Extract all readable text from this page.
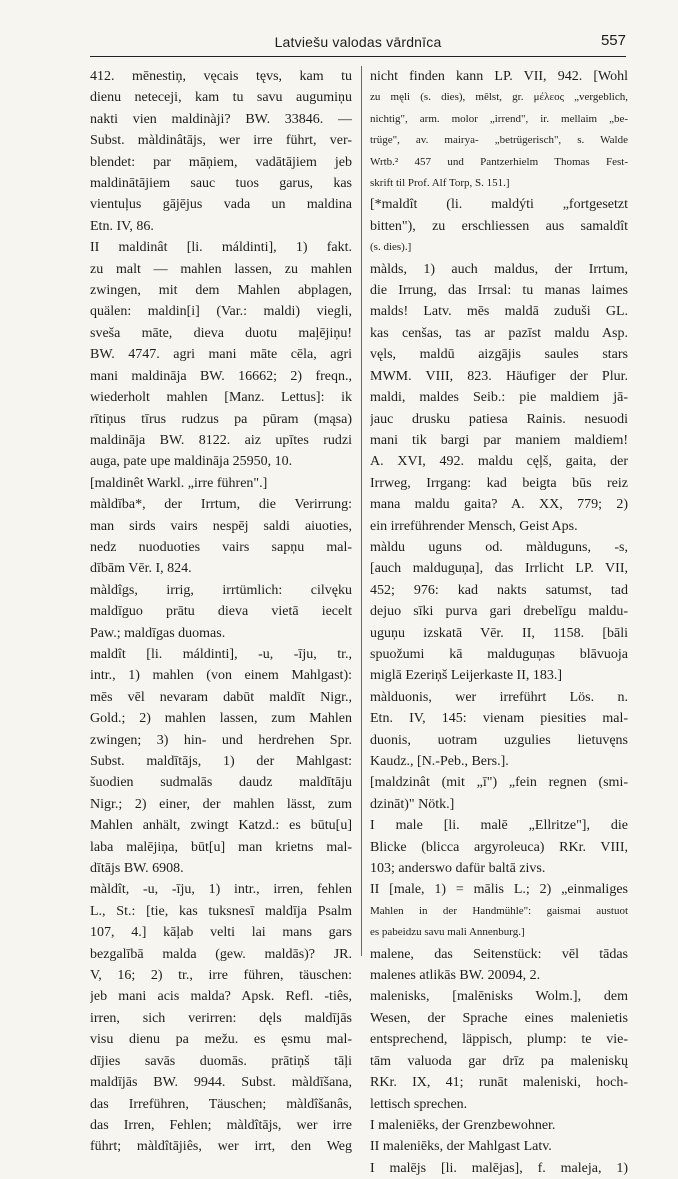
Latviešu valodas vārdnīca	557
412. mēnestiņ, vęcais tęvs, kam tu
dienu neteceji, kam tu savu augumiņu
nakti vien maldinàji? BW. 33846. —
Subst. màldinâtājs, wer irre führt, ver-
blendet: par māņiem, vadātājiem jeb
maldinātājiem sauc tuos garus, kas
vientuļus gājējus vada un maldina
Etn. IV, 86.
II maldinât [li. máldinti], 1) fakt.
zu malt — mahlen lassen, zu mahlen
zwingen, mit dem Mahlen abplagen,
quälen: maldin[i] (Var.: maldi) viegli,
sveša māte, dieva duotu maļējiņu!
BW. 4747. agri mani māte cēla, agri
mani maldināja BW. 16662; 2) freqn.,
wiederholt mahlen [Manz. Lettus]: ik
rītiņus tīrus rudzus pa pūram (mąsa)
maldināja BW. 8122. aiz upītes rudzi
auga, pate upe maldināja 25950, 10.
[maldinêt Warkl. „irre führen".]
màldība*, der Irrtum, die Verirrung:
man sirds vairs nespēj saldi aiuoties,
nedz nuoduoties vairs sapņu mal-
dībām Vēr. I, 824.
màldîgs, irrig, irrtümlich: cilvęku
maldīguo prātu dieva vietā iecelt
Paw.; maldīgas duomas.
maldît [li. máldinti], -u, -īju, tr.,
intr., 1) mahlen (von einem Mahlgast):
mēs vēl nevaram dabūt maldīt Nigr.,
Gold.; 2) mahlen lassen, zum Mahlen
zwingen; 3) hin- und herdrehen Spr.
Subst. maldītājs, 1) der Mahlgast:
šuodien sudmalās daudz maldītāju
Nigr.; 2) einer, der mahlen lässt, zum
Mahlen anhält, zwingt Katzd.: es būtu[u]
laba malējiņa, būt[u] man krietns mal-
dītājs BW. 6908.
màldît, -u, -īju, 1) intr., irren, fehlen
L., St.: [tie, kas tuksnesī maldīja Psalm
107, 4.] kāļab velti lai mans gars
bezgalībā malda (gew. maldās)? JR.
V, 16; 2) tr., irre führen, täuschen:
jeb mani acis malda? Apsk. Refl. -tiês,
irren, sich verirren: dęls maldījās
visu dienu pa mežu. es ęsmu mal-
dījies savās duomās. prātiņš tāļi
maldījās BW. 9944. Subst. màldīšana,
das Irreführen, Täuschen; màldîšanâs,
das Irren, Fehlen; màldîtājs, wer irre
führt; màldîtājiês, wer irrt, den Weg
nicht finden kann LP. VII, 942. [Wohl
zu męli (s. dies), mêlst, gr. μέλεος „vergeblich,
nichtig", arm. molor „irrend", ir. mellaim „be-
trüge", av. mairya- „betrügerisch", s. Walde
Wrtb.² 457 und Pantzerhielm Thomas Fest-
skrift til Prof. Alf Torp, S. 151.]
[*maldît (li. maldýti „fortgesetzt
bitten"), zu erschliessen aus samaldît
(s. dies).]
màlds, 1) auch maldus, der Irrtum,
die Irrung, das Irrsal: tu manas laimes
malds! Latv. mēs maldā zuduši GL.
kas cenšas, tas ar pazīst maldu Asp.
vęls, maldū aizgājis saules stars
MWM. VIII, 823. Häufiger der Plur.
maldi, maldes Seib.: pie maldiem jā-
jauc drusku patiesa Rainis. nesuodi
mani tik bargi par maniem maldiem!
A. XVI, 492. maldu cęļš, gaita, der
Irrweg, Irrgang: kad beigta būs reiz
mana maldu gaita? A. XX, 779; 2)
ein irreführender Mensch, Geist Aps.
màldu uguns od. màlduguns, -s,
[auch malduguņa], das Irrlicht LP. VII,
452; 976: kad nakts satumst, tad
dejuo sīki purva gari drebelīgu maldu-
uguņu izskatā Vēr. II, 1158. [bāli
spuožumi kā malduguņas blāvuoja
miglā Ezeriņš Leijerkaste II, 183.]
màlduonis, wer irreführt Lös. n.
Etn. IV, 145: vienam piesities mal-
duonis, uotram uzgulies lietuvęns
Kaudz., [N.-Peb., Bers.].
[maldzinât (mit „ī") „fein regnen (smi-
dzināt)" Nötk.]
I male [li. malē „Ellritze"], die
Blicke (blicca argyroleuca) RKr. VIII,
103; anderswo dafür baltā zivs.
II [male, 1) = mālis L.; 2) „einmaliges
Mahlen in der Handmühle": gaismai austuot
es pabeidzu savu mali Annenburg.]
malene, das Seitenstück: vēl tādas
malenes atlikās BW. 20094, 2.
malenisks, [malēnisks Wolm.], dem
Wesen, der Sprache eines malenietis
entsprechend, läppisch, plump: te vie-
tām valuoda gar drīz pa maleniskų
RKr. IX, 41; runāt maleniski, hoch-
lettisch sprechen.
I maleniēks, der Grenzbewohner.
II maleniēks, der Mahlgast Latv.
I malējs [li. malējas], f. maleja, 1)
